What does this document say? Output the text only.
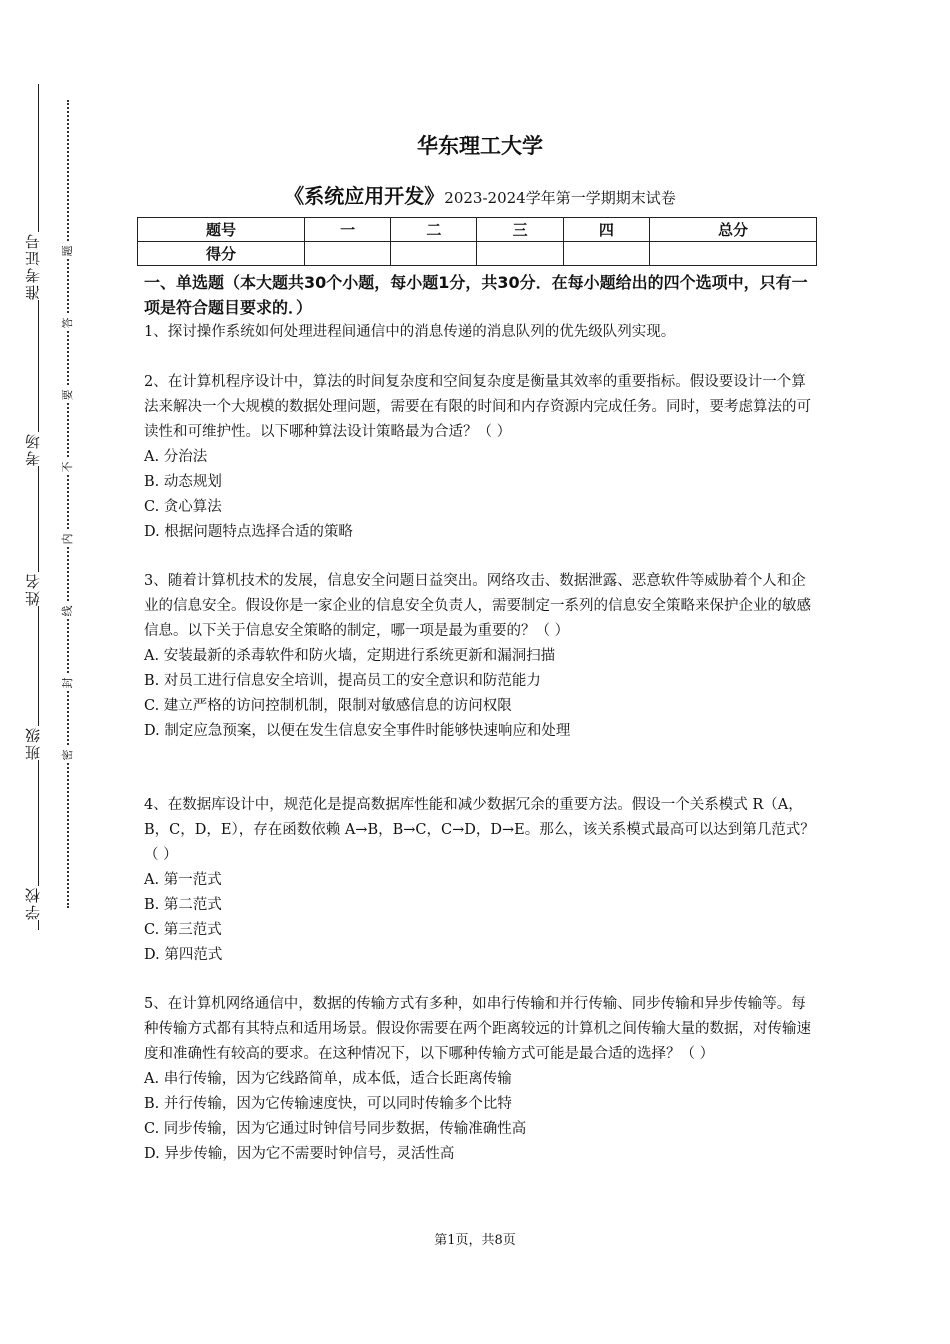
准考证号
考场
姓名
班级
学校
题
答
要
不
内
线
封
密
华东理工大学
《系统应用开发》2023-2024学年第一学期期末试卷
题号	一	二	三	四	总分
得分					
一、单选题（本大题共30个小题，每小题1分，共30分．在每小题给出的四个选项中，只有一项是符合题目要求的．）

1、探讨操作系统如何处理进程间通信中的消息传递的消息队列的优先级队列实现。

2、在计算机程序设计中，算法的时间复杂度和空间复杂度是衡量其效率的重要指标。假设要设计一个算法来解决一个大规模的数据处理问题，需要在有限的时间和内存资源内完成任务。同时，要考虑算法的可读性和可维护性。以下哪种算法设计策略最为合适？（ ）

A. 分治法

B. 动态规划

C. 贪心算法

D. 根据问题特点选择合适的策略

3、随着计算机技术的发展，信息安全问题日益突出。网络攻击、数据泄露、恶意软件等威胁着个人和企业的信息安全。假设你是一家企业的信息安全负责人，需要制定一系列的信息安全策略来保护企业的敏感信息。以下关于信息安全策略的制定，哪一项是最为重要的？（ ）

A. 安装最新的杀毒软件和防火墙，定期进行系统更新和漏洞扫描

B. 对员工进行信息安全培训，提高员工的安全意识和防范能力

C. 建立严格的访问控制机制，限制对敏感信息的访问权限

D. 制定应急预案，以便在发生信息安全事件时能够快速响应和处理

4、在数据库设计中，规范化是提高数据库性能和减少数据冗余的重要方法。假设一个关系模式 R（A，B，C，D，E），存在函数依赖 A→B，B→C，C→D，D→E。那么，该关系模式最高可以达到第几范式？（ ）

A. 第一范式

B. 第二范式

C. 第三范式

D. 第四范式

5、在计算机网络通信中，数据的传输方式有多种，如串行传输和并行传输、同步传输和异步传输等。每种传输方式都有其特点和适用场景。假设你需要在两个距离较远的计算机之间传输大量的数据，对传输速度和准确性有较高的要求。在这种情况下，以下哪种传输方式可能是最合适的选择？（ ）

A. 串行传输，因为它线路简单，成本低，适合长距离传输

B. 并行传输，因为它传输速度快，可以同时传输多个比特

C. 同步传输，因为它通过时钟信号同步数据，传输准确性高

D. 异步传输，因为它不需要时钟信号，灵活性高

第1页，共8页
